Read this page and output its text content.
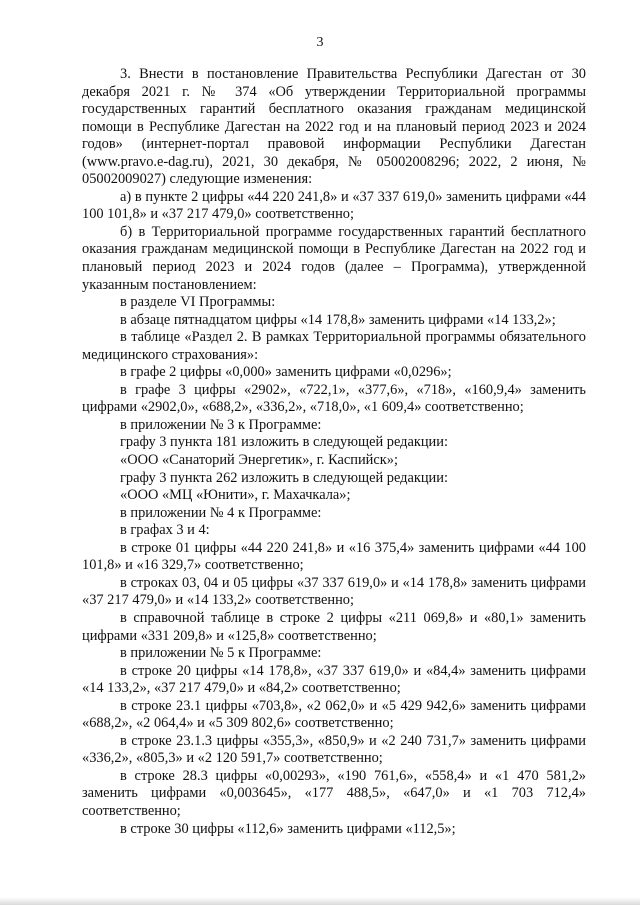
3

3. Внести в постановление Правительства Республики Дагестан от 30 декабря 2021 г. № 374 «Об утверждении Территориальной программы государственных гарантий бесплатного оказания гражданам медицинской помощи в Республике Дагестан на 2022 год и на плановый период 2023 и 2024 годов» (интернет-портал правовой информации Республики Дагестан (www.pravo.e-dag.ru), 2021, 30 декабря, № 05002008296; 2022, 2 июня, № 05002009027) следующие изменения:

а) в пункте 2 цифры «44 220 241,8» и «37 337 619,0» заменить цифрами «44 100 101,8» и «37 217 479,0» соответственно;

б) в Территориальной программе государственных гарантий бесплатного оказания гражданам медицинской помощи в Республике Дагестан на 2022 год и плановый период 2023 и 2024 годов (далее – Программа), утвержденной указанным постановлением:

в разделе VI Программы:

в абзаце пятнадцатом цифры «14 178,8» заменить цифрами «14 133,2»;

в таблице «Раздел 2. В рамках Территориальной программы обязательного медицинского страхования»:

в графе 2 цифры «0,000» заменить цифрами «0,0296»;

в графе 3 цифры «2902», «722,1», «377,6», «718», «160,9,4» заменить цифрами «2902,0», «688,2», «336,2», «718,0», «1 609,4» соответственно;

в приложении № 3 к Программе:

графу 3 пункта 181 изложить в следующей редакции:

«ООО «Санаторий Энергетик», г. Каспийск»;

графу 3 пункта 262 изложить в следующей редакции:

«ООО «МЦ «Юнити», г. Махачкала»;

в приложении № 4 к Программе:

в графах 3 и 4:

в строке 01 цифры «44 220 241,8» и «16 375,4» заменить цифрами «44 100 101,8» и «16 329,7» соответственно;

в строках 03, 04 и 05 цифры «37 337 619,0» и «14 178,8» заменить цифрами «37 217 479,0» и «14 133,2» соответственно;

в справочной таблице в строке 2 цифры «211 069,8» и «80,1» заменить цифрами «331 209,8» и «125,8» соответственно;

в приложении № 5 к Программе:

в строке 20 цифры «14 178,8», «37 337 619,0» и «84,4» заменить цифрами «14 133,2», «37 217 479,0» и «84,2» соответственно;

в строке 23.1 цифры «703,8», «2 062,0» и «5 429 942,6» заменить цифрами «688,2», «2 064,4» и «5 309 802,6» соответственно;

в строке 23.1.3 цифры «355,3», «850,9» и «2 240 731,7» заменить цифрами «336,2», «805,3» и «2 120 591,7» соответственно;

в строке 28.3 цифры «0,00293», «190 761,6», «558,4» и «1 470 581,2» заменить цифрами «0,003645», «177 488,5», «647,0» и «1 703 712,4» соответственно;

в строке 30 цифры «112,6» заменить цифрами «112,5»;
